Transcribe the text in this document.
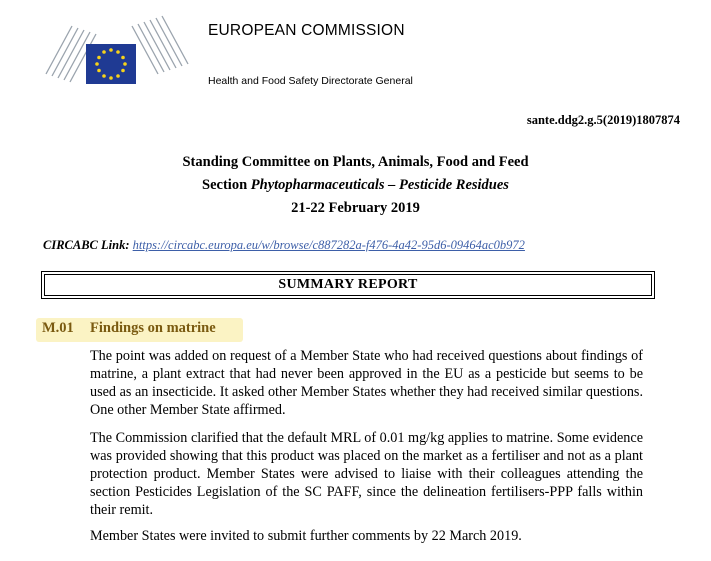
EUROPEAN COMMISSION
Health and Food Safety Directorate General
sante.ddg2.g.5(2019)1807874
Standing Committee on Plants, Animals, Food and Feed
Section Phytopharmaceuticals – Pesticide Residues
21-22 February 2019
CIRCABC Link: https://circabc.europa.eu/w/browse/c887282a-f476-4a42-95d6-09464ac0b972
SUMMARY REPORT
M.01 Findings on matrine
The point was added on request of a Member State who had received questions about findings of matrine, a plant extract that had never been approved in the EU as a pesticide but seems to be used as an insecticide. It asked other Member States whether they had received similar questions. One other Member State affirmed.
The Commission clarified that the default MRL of 0.01 mg/kg applies to matrine. Some evidence was provided showing that this product was placed on the market as a fertiliser and not as a plant protection product. Member States were advised to liaise with their colleagues attending the section Pesticides Legislation of the SC PAFF, since the delineation fertilisers-PPP falls within their remit.
Member States were invited to submit further comments by 22 March 2019.
